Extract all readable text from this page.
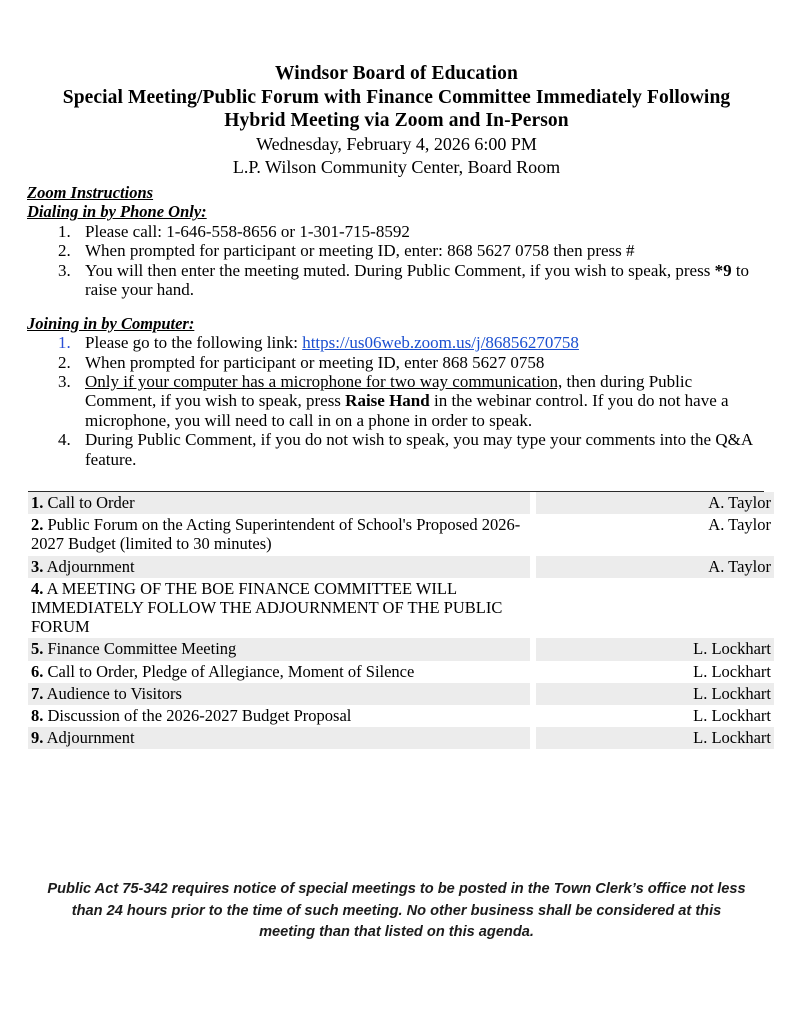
Windsor Board of Education
Special Meeting/Public Forum with Finance Committee Immediately Following
Hybrid Meeting via Zoom and In-Person
Wednesday, February 4, 2026 6:00 PM
L.P. Wilson Community Center, Board Room
Zoom Instructions
Dialing in by Phone Only:
1. Please call: 1-646-558-8656 or 1-301-715-8592
2. When prompted for participant or meeting ID, enter: 868 5627 0758 then press #
3. You will then enter the meeting muted. During Public Comment, if you wish to speak, press *9 to raise your hand.
Joining in by Computer:
1. Please go to the following link: https://us06web.zoom.us/j/86856270758
2. When prompted for participant or meeting ID, enter 868 5627 0758
3. Only if your computer has a microphone for two way communication, then during Public Comment, if you wish to speak, press Raise Hand in the webinar control. If you do not have a microphone, you will need to call in on a phone in order to speak.
4. During Public Comment, if you do not wish to speak, you may type your comments into the Q&A feature.
1. Call to Order		A. Taylor
2. Public Forum on the Acting Superintendent of School's Proposed 2026-2027 Budget (limited to 30 minutes)		A. Taylor
3. Adjournment		A. Taylor
4. A MEETING OF THE BOE FINANCE COMMITTEE WILL IMMEDIATELY FOLLOW THE ADJOURNMENT OF THE PUBLIC FORUM		
5. Finance Committee Meeting		L. Lockhart
6. Call to Order, Pledge of Allegiance, Moment of Silence		L. Lockhart
7. Audience to Visitors		L. Lockhart
8. Discussion of the 2026-2027 Budget Proposal		L. Lockhart
9. Adjournment		L. Lockhart
Public Act 75-342 requires notice of special meetings to be posted in the Town Clerk’s office not less than 24 hours prior to the time of such meeting. No other business shall be considered at this meeting than that listed on this agenda.
